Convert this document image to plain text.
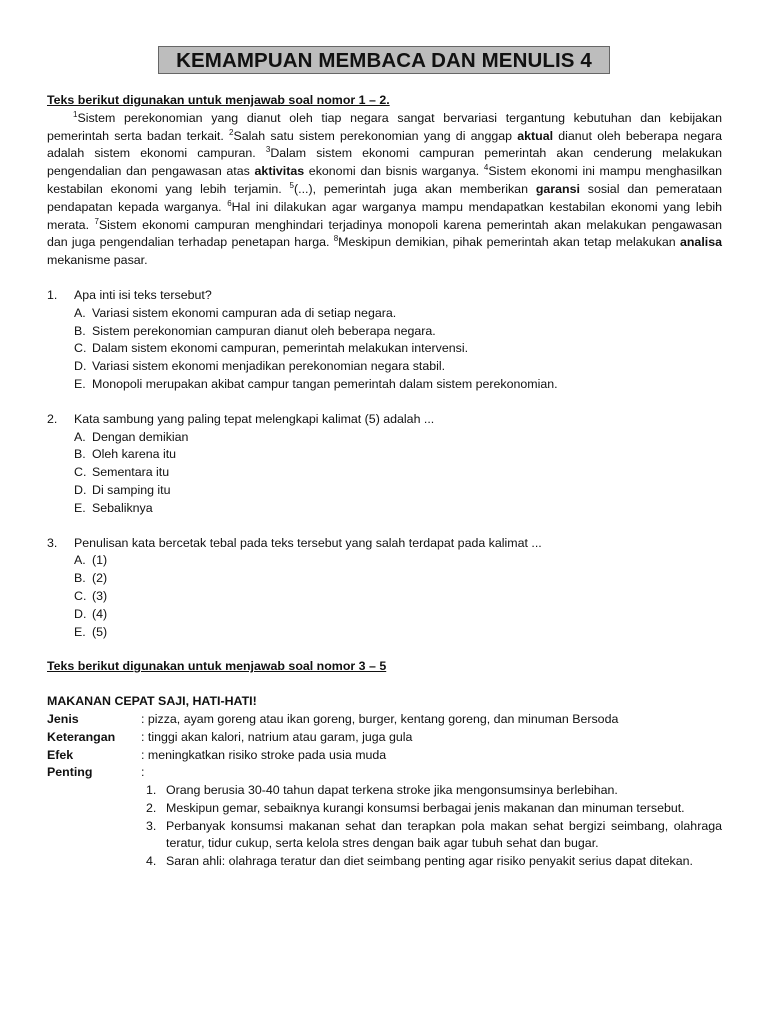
KEMAMPUAN MEMBACA DAN MENULIS 4
Teks berikut digunakan untuk menjawab soal nomor 1 – 2.

$^1$Sistem perekonomian yang dianut oleh tiap negara sangat bervariasi tergantung kebutuhan dan kebijakan pemerintah serta badan terkait. $^2$Salah satu sistem perekonomian yang di anggap aktual dianut oleh beberapa negara adalah sistem ekonomi campuran. $^3$Dalam sistem ekonomi campuran pemerintah akan cenderung melakukan pengendalian dan pengawasan atas aktivitas ekonomi dan bisnis warganya. $^4$Sistem ekonomi ini mampu menghasilkan kestabilan ekonomi yang lebih terjamin. $^5$(...), pemerintah juga akan memberikan garansi sosial dan pemerataan pendapatan kepada warganya. $^6$Hal ini dilakukan agar warganya mampu mendapatkan kestabilan ekonomi yang lebih merata. $^7$Sistem ekonomi campuran menghindari terjadinya monopoli karena pemerintah akan melakukan pengawasan dan juga pengendalian terhadap penetapan harga. $^8$Meskipun demikian, pihak pemerintah akan tetap melakukan analisa mekanisme pasar.

1. Apa inti isi teks tersebut?
A. Variasi sistem ekonomi campuran ada di setiap negara.
B. Sistem perekonomian campuran dianut oleh beberapa negara.
C. Dalam sistem ekonomi campuran, pemerintah melakukan intervensi.
D. Variasi sistem ekonomi menjadikan perekonomian negara stabil.
E. Monopoli merupakan akibat campur tangan pemerintah dalam sistem perekonomian.
2. Kata sambung yang paling tepat melengkapi kalimat (5) adalah ...
A. Dengan demikian
B. Oleh karena itu
C. Sementara itu
D. Di samping itu
E. Sebaliknya
3. Penulisan kata bercetak tebal pada teks tersebut yang salah terdapat pada kalimat ...
A. (1)
B. (2)
C. (3)
D. (4)
E. (5)
Teks berikut digunakan untuk menjawab soal nomor 3 – 5
MAKANAN CEPAT SAJI, HATI-HATI!
Jenis	: pizza, ayam goreng atau ikan goreng, burger, kentang goreng, dan minuman Bersoda
Keterangan : tinggi akan kalori, natrium atau garam, juga gula
Efek	: meningkatkan risiko stroke pada usia muda
Penting	:
1. Orang berusia 30-40 tahun dapat terkena stroke jika mengonsumsinya berlebihan.
2. Meskipun gemar, sebaiknya kurangi konsumsi berbagai jenis makanan dan minuman tersebut.
3. Perbanyak konsumsi makanan sehat dan terapkan pola makan sehat bergizi seimbang, olahraga teratur, tidur cukup, serta kelola stres dengan baik agar tubuh sehat dan bugar.
4. Saran ahli: olahraga teratur dan diet seimbang penting agar risiko penyakit serius dapat ditekan.
